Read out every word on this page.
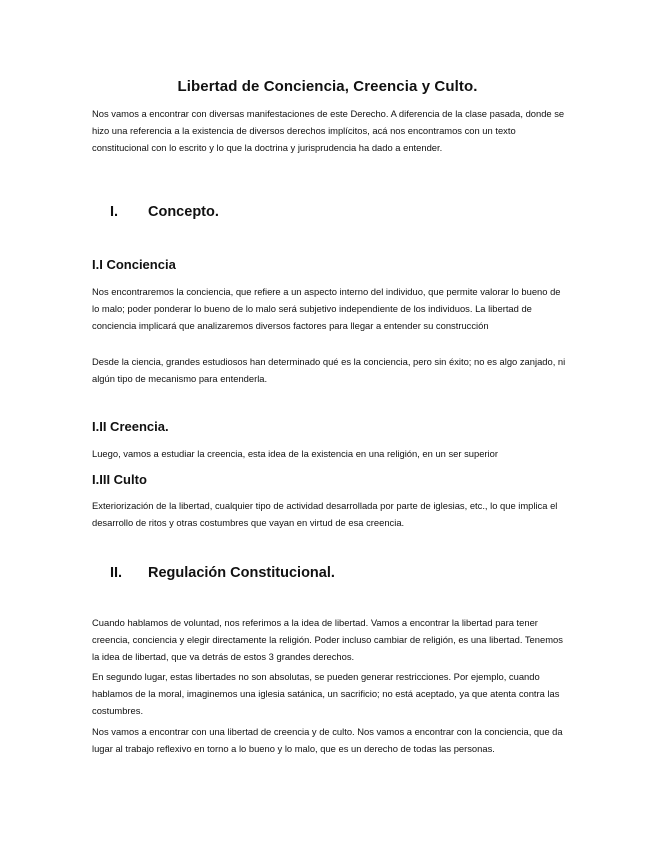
Libertad de Conciencia, Creencia y Culto.

Nos vamos a encontrar con diversas manifestaciones de este Derecho. A diferencia de la clase pasada, donde se hizo una referencia a la existencia de diversos derechos implícitos, acá nos encontramos con un texto constitucional con lo escrito y lo que la doctrina y jurisprudencia ha dado a entender.

I. Concepto.
I.I Conciencia

Nos encontraremos la conciencia, que refiere a un aspecto interno del individuo, que permite valorar lo bueno de lo malo; poder ponderar lo bueno de lo malo será subjetivo independiente de los individuos. La libertad de conciencia implicará que analizaremos diversos factores para llegar a entender su construcción

Desde la ciencia, grandes estudiosos han determinado qué es la conciencia, pero sin éxito; no es algo zanjado, ni algún tipo de mecanismo para entenderla.

I.II Creencia.

Luego, vamos a estudiar la creencia, esta idea de la existencia en una religión, en un ser superior

I.III Culto

Exteriorización de la libertad, cualquier tipo de actividad desarrollada por parte de iglesias, etc., lo que implica el desarrollo de ritos y otras costumbres que vayan en virtud de esa creencia.

II. Regulación Constitucional.

Cuando hablamos de voluntad, nos referimos a la idea de libertad. Vamos a encontrar la libertad para tener creencia, conciencia y elegir directamente la religión. Poder incluso cambiar de religión, es una libertad. Tenemos la idea de libertad, que va detrás de estos 3 grandes derechos.

En segundo lugar, estas libertades no son absolutas, se pueden generar restricciones. Por ejemplo, cuando hablamos de la moral, imaginemos una iglesia satánica, un sacrificio; no está aceptado, ya que atenta contra las costumbres.

Nos vamos a encontrar con una libertad de creencia y de culto. Nos vamos a encontrar con la conciencia, que da lugar al trabajo reflexivo en torno a lo bueno y lo malo, que es un derecho de todas las personas.
